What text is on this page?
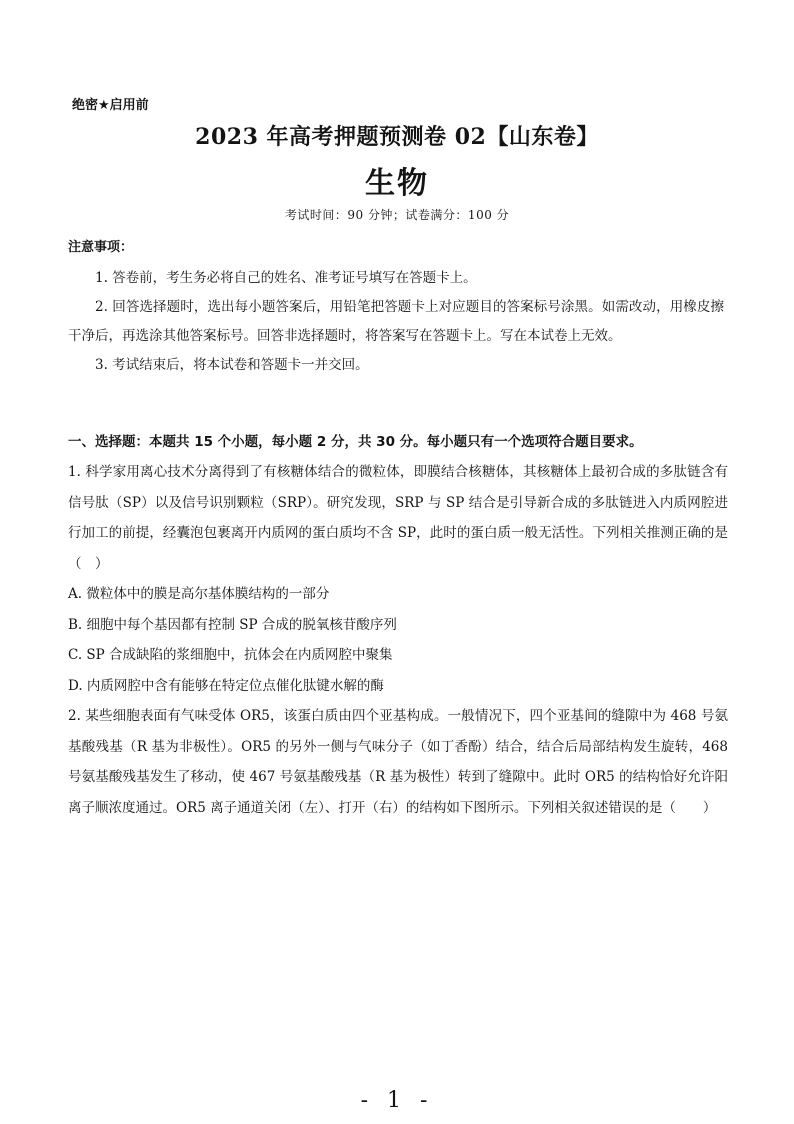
绝密★启用前
2023 年高考押题预测卷 02【山东卷】
生物
考试时间：90 分钟；试卷满分：100 分
注意事项：

1. 答卷前，考生务必将自己的姓名、准考证号填写在答题卡上。

2. 回答选择题时，选出每小题答案后，用铅笔把答题卡上对应题目的答案标号涂黑。如需改动，用橡皮擦干净后，再选涂其他答案标号。回答非选择题时，将答案写在答题卡上。写在本试卷上无效。

3. 考试结束后，将本试卷和答题卡一并交回。

一、选择题：本题共 15 个小题，每小题 2 分，共 30 分。每小题只有一个选项符合题目要求。

1. 科学家用离心技术分离得到了有核糖体结合的微粒体，即膜结合核糖体，其核糖体上最初合成的多肽链含有信号肽（SP）以及信号识别颗粒（SRP）。研究发现，SRP 与 SP 结合是引导新合成的多肽链进入内质网腔进行加工的前提，经囊泡包裹离开内质网的蛋白质均不含 SP，此时的蛋白质一般无活性。下列相关推测正确的是（　）

A. 微粒体中的膜是高尔基体膜结构的一部分

B. 细胞中每个基因都有控制 SP 合成的脱氧核苷酸序列

C. SP 合成缺陷的浆细胞中，抗体会在内质网腔中聚集

D. 内质网腔中含有能够在特定位点催化肽键水解的酶

2. 某些细胞表面有气味受体 OR5，该蛋白质由四个亚基构成。一般情况下，四个亚基间的缝隙中为 468 号氨基酸残基（R 基为非极性）。OR5 的另外一侧与气味分子（如丁香酚）结合，结合后局部结构发生旋转，468 号氨基酸残基发生了移动，使 467 号氨基酸残基（R 基为极性）转到了缝隙中。此时 OR5 的结构恰好允许阳离子顺浓度通过。OR5 离子通道关闭（左）、打开（右）的结构如下图所示。下列相关叙述错误的是（　　）

- 1 -
